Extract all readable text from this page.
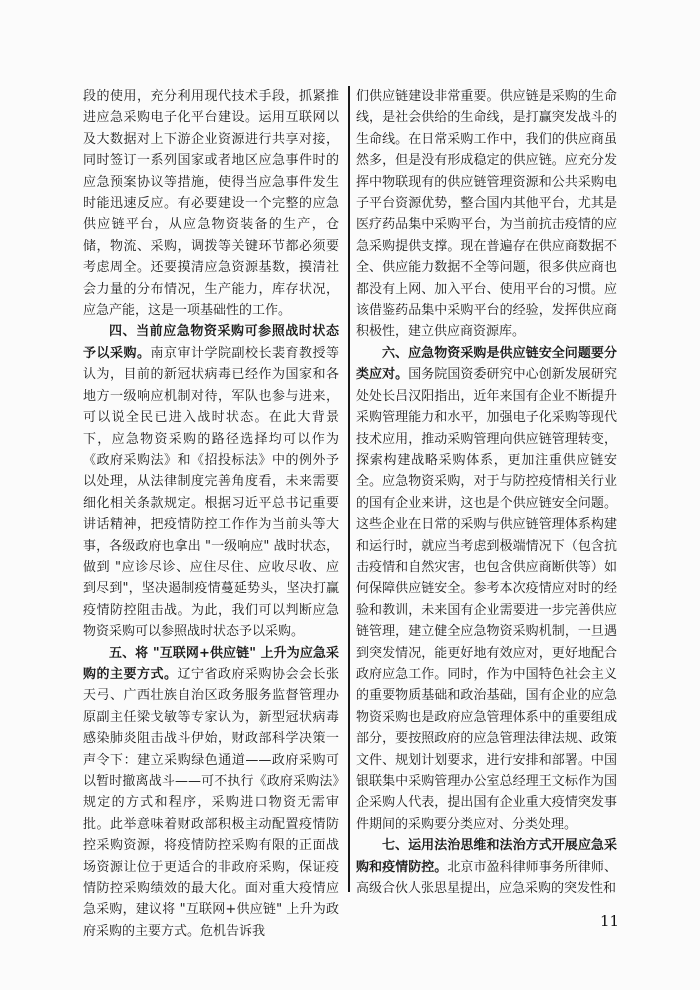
段的使用，充分利用现代技术手段，抓紧推进应急采购电子化平台建设。运用互联网以及大数据对上下游企业资源进行共享对接，同时签订一系列国家或者地区应急事件时的应急预案协议等措施，使得当应急事件发生时能迅速反应。有必要建设一个完整的应急供应链平台，从应急物资装备的生产，仓储，物流、采购，调拨等关键环节都必须要考虑周全。还要摸清应急资源基数，摸清社会力量的分布情况，生产能力，库存状况，应急产能，这是一项基础性的工作。

四、当前应急物资采购可参照战时状态予以采购。南京审计学院副校长裴育教授等认为，目前的新冠状病毒已经作为国家和各地方一级响应机制对待，军队也参与进来，可以说全民已进入战时状态。在此大背景下，应急物资采购的路径选择均可以作为《政府采购法》和《招投标法》中的例外予以处理，从法律制度完善角度看，未来需要细化相关条款规定。根据习近平总书记重要讲话精神，把疫情防控工作作为当前头等大事，各级政府也拿出 "一级响应" 战时状态，做到 "应诊尽诊、应住尽住、应收尽收、应到尽到"，坚决遏制疫情蔓延势头，坚决打赢疫情防控阻击战。为此，我们可以判断应急物资采购可以参照战时状态予以采购。

五、将 "互联网+供应链" 上升为应急采购的主要方式。辽宁省政府采购协会会长张天弓、广西壮族自治区政务服务监督管理办原副主任梁戈敏等专家认为，新型冠状病毒感染肺炎阻击战斗伊始，财政部科学决策一声令下：建立采购绿色通道——政府采购可以暂时撤离战斗——可不执行《政府采购法》规定的方式和程序，采购进口物资无需审批。此举意味着财政部积极主动配置疫情防控采购资源，将疫情防控采购有限的正面战场资源让位于更适合的非政府采购，保证疫情防控采购绩效的最大化。面对重大疫情应急采购，建议将 "互联网+供应链" 上升为政府采购的主要方式。危机告诉我

们供应链建设非常重要。供应链是采购的生命线，是社会供给的生命线，是打赢突发战斗的生命线。在日常采购工作中，我们的供应商虽然多，但是没有形成稳定的供应链。应充分发挥中物联现有的供应链管理资源和公共采购电子平台资源优势，整合国内其他平台，尤其是医疗药品集中采购平台，为当前抗击疫情的应急采购提供支撑。现在普遍存在供应商数据不全、供应能力数据不全等问题，很多供应商也都没有上网、加入平台、使用平台的习惯。应该借鉴药品集中采购平台的经验，发挥供应商积极性，建立供应商资源库。

六、应急物资采购是供应链安全问题要分类应对。国务院国资委研究中心创新发展研究处处长吕汉阳指出，近年来国有企业不断提升采购管理能力和水平，加强电子化采购等现代技术应用，推动采购管理向供应链管理转变，探索构建战略采购体系，更加注重供应链安全。应急物资采购，对于与防控疫情相关行业的国有企业来讲，这也是个供应链安全问题。这些企业在日常的采购与供应链管理体系构建和运行时，就应当考虑到极端情况下（包含抗击疫情和自然灾害，也包含供应商断供等）如何保障供应链安全。参考本次疫情应对时的经验和教训，未来国有企业需要进一步完善供应链管理，建立健全应急物资采购机制，一旦遇到突发情况，能更好地有效应对，更好地配合政府应急工作。同时，作为中国特色社会主义的重要物质基础和政治基础，国有企业的应急物资采购也是政府应急管理体系中的重要组成部分，要按照政府的应急管理法律法规、政策文件、规划计划要求，进行安排和部署。中国银联集中采购管理办公室总经理王文标作为国企采购人代表，提出国有企业重大疫情突发事件期间的采购要分类应对、分类处理。

七、运用法治思维和法治方式开展应急采购和疫情防控。北京市盈科律师事务所律师、高级合伙人张思星提出，应急采购的突发性和

11
